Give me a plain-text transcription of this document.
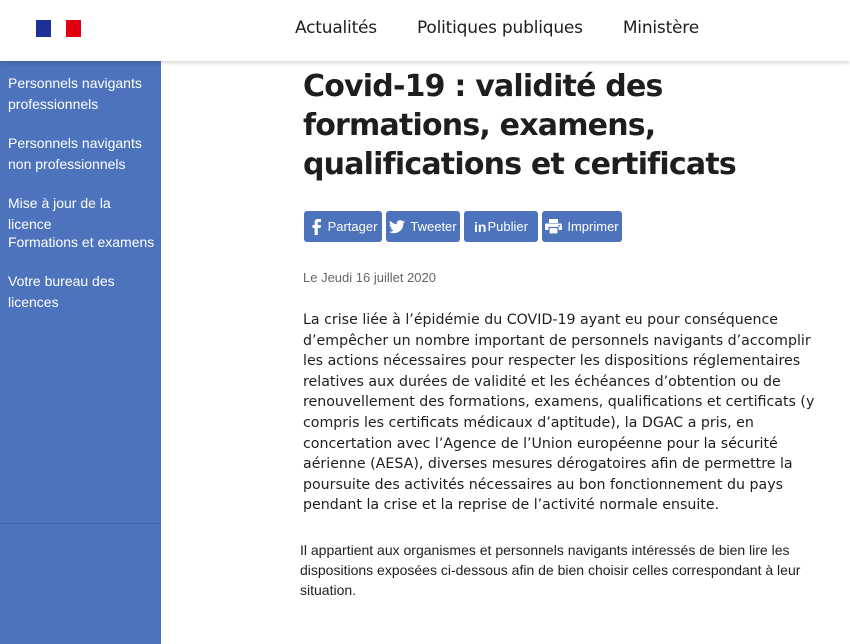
Actualités Politiques publiques Ministère
Personnels navigants
professionnels
Personnels navigants
non professionnels
Mise à jour de la licence
Formations et examens
Votre bureau des
licences
Covid-19 : validité des
formations, examens,
qualifications et certificats
Partager	Tweeter in Publier	Imprimer
Le Jeudi 16 juillet 2020
La crise liée à l’épidémie du COVID-19 ayant eu pour conséquence
d’empêcher un nombre important de personnels navigants d’accomplir
les actions nécessaires pour respecter les dispositions réglementaires
relatives aux durées de validité et les échéances d’obtention ou de
renouvellement des formations, examens, qualifications et certificats (y
compris les certificats médicaux d’aptitude), la DGAC a pris, en
concertation avec l’Agence de l’Union européenne pour la sécurité
aérienne (AESA), diverses mesures dérogatoires afin de permettre la
poursuite des activités nécessaires au bon fonctionnement du pays
pendant la crise et la reprise de l’activité normale ensuite.
Il appartient aux organismes et personnels navigants intéressés de bien lire les
dispositions exposées ci-dessous afin de bien choisir celles correspondant à leur
situation.
